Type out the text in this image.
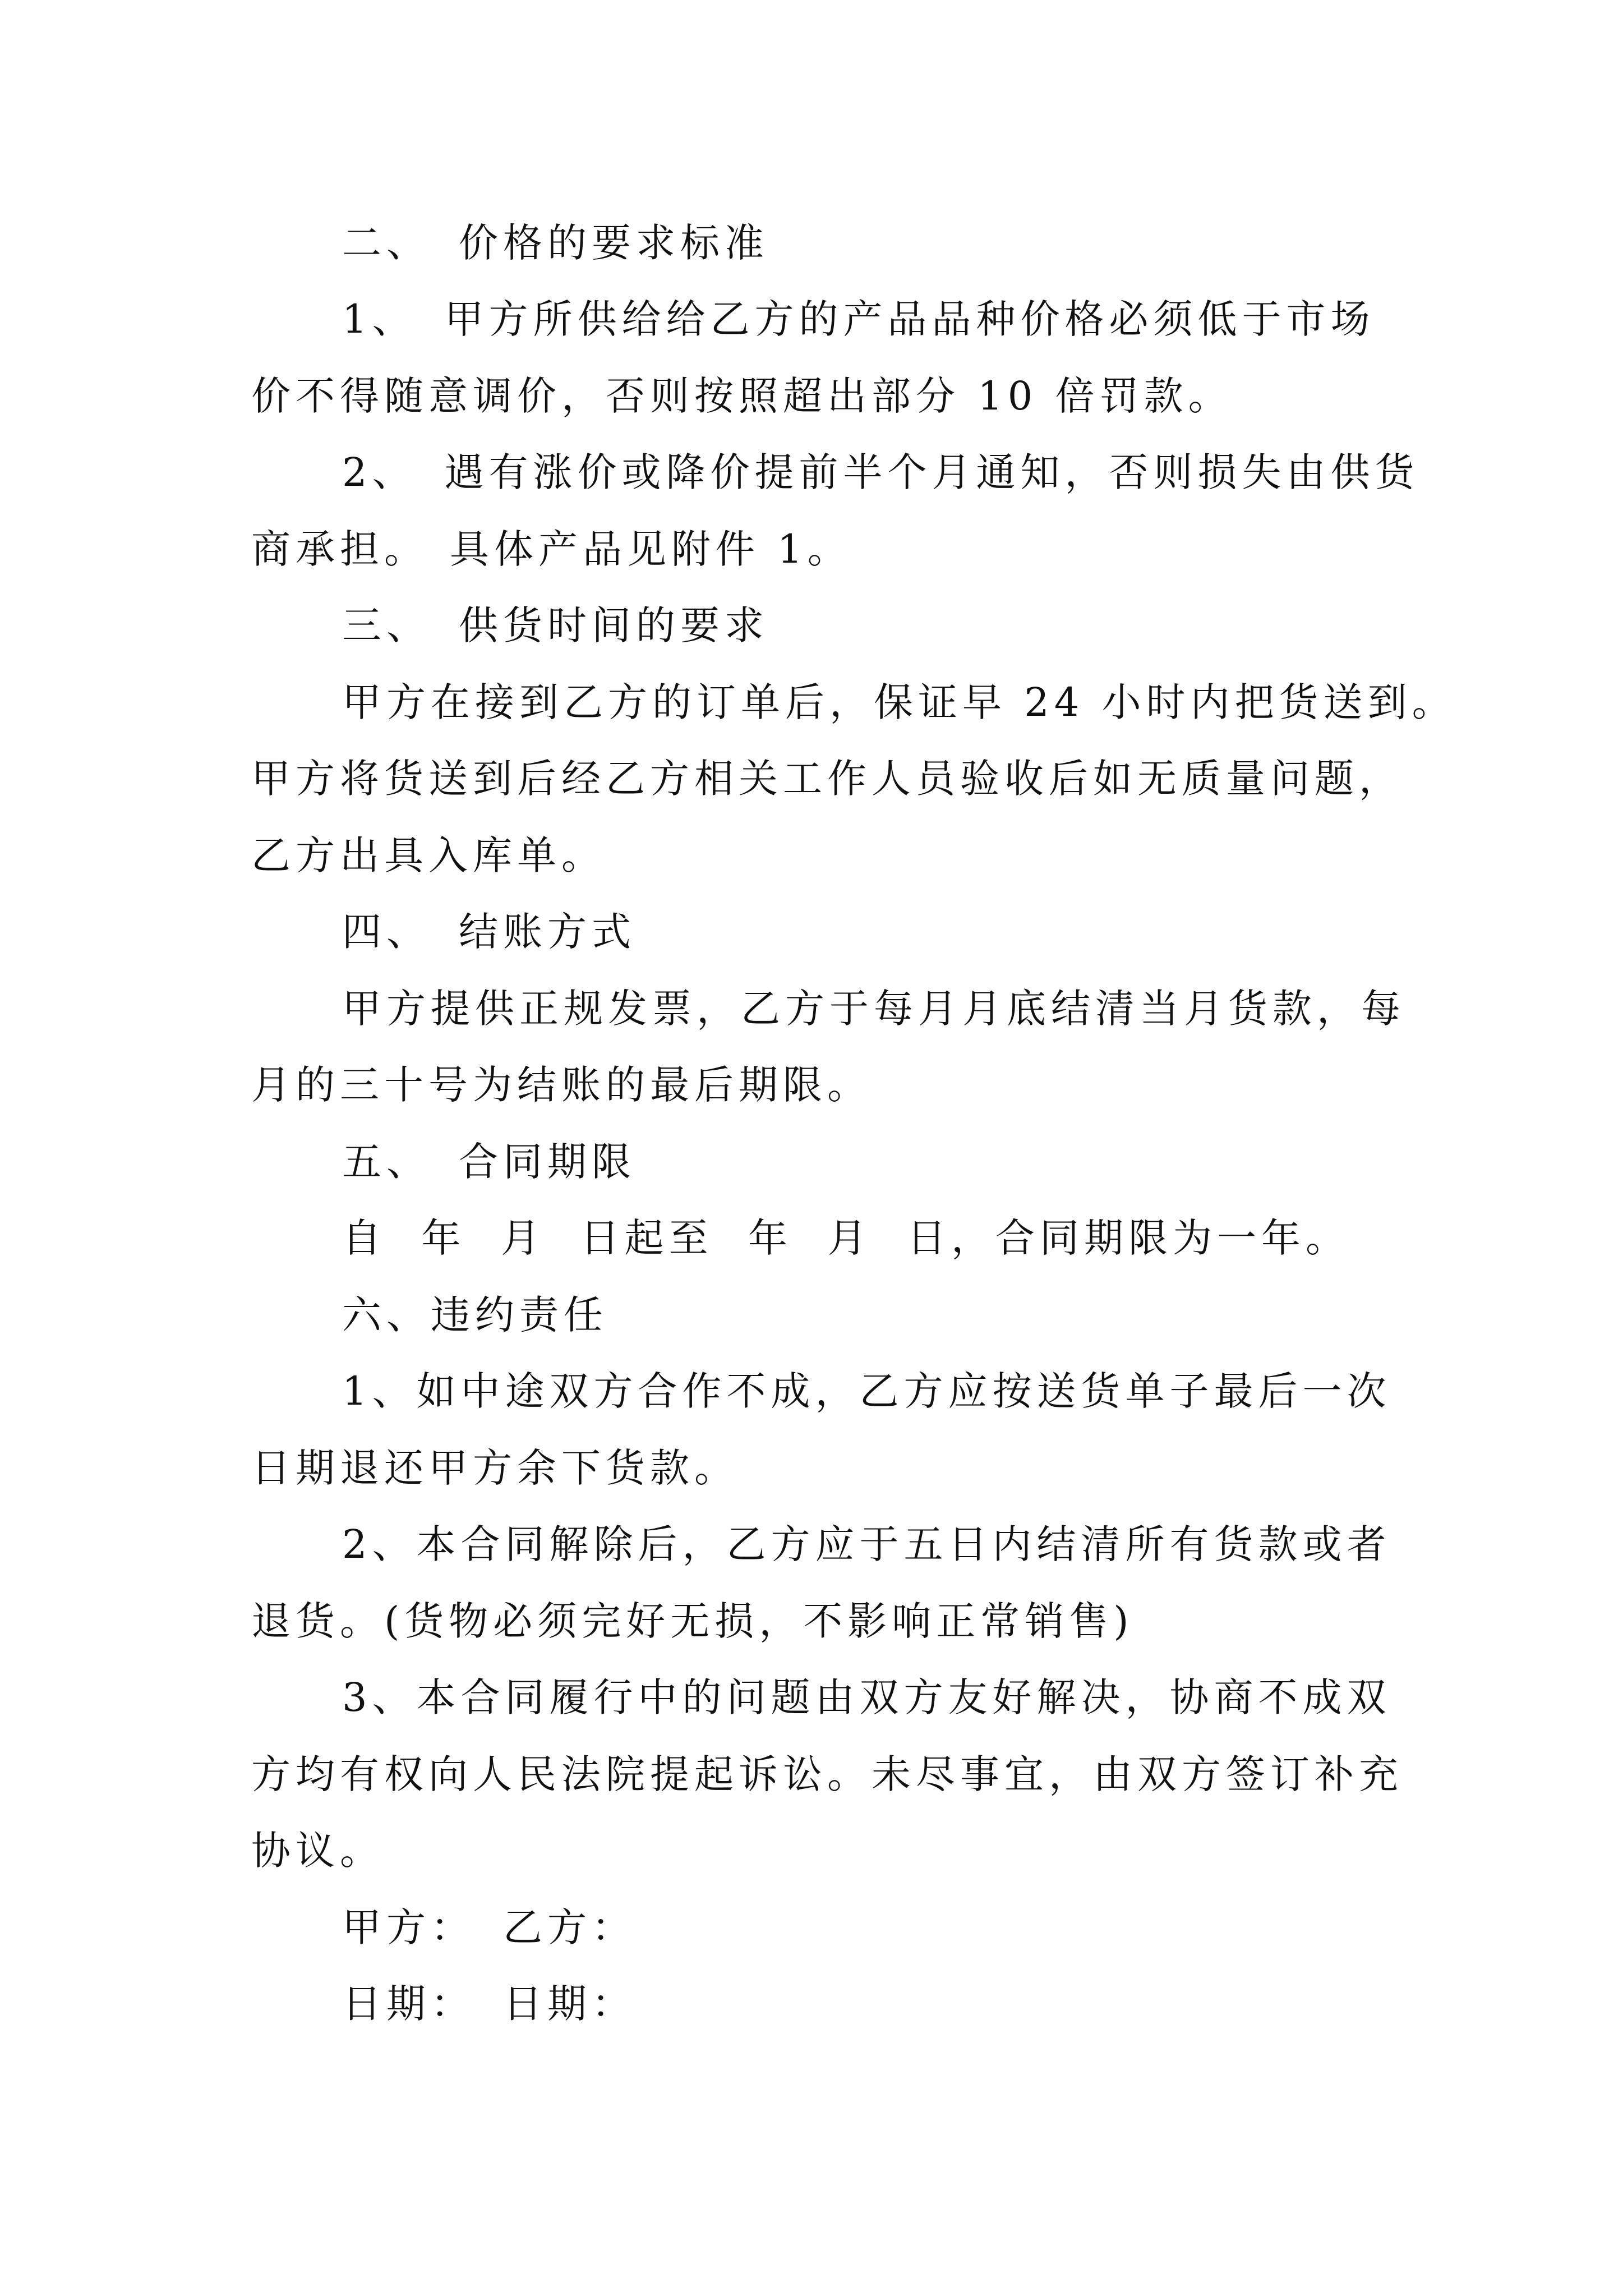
二、 价格的要求标准
1、 甲方所供给给乙方的产品品种价格必须低于市场
价不得随意调价，否则按照超出部分 10 倍罚款。
2、 遇有涨价或降价提前半个月通知，否则损失由供货
商承担。 具体产品见附件 1。
三、 供货时间的要求
甲方在接到乙方的订单后，保证早 24 小时内把货送到。
甲方将货送到后经乙方相关工作人员验收后如无质量问题，
乙方出具入库单。
四、 结账方式
甲方提供正规发票，乙方于每月月底结清当月货款，每
月的三十号为结账的最后期限。
五、 合同期限
自  年  月  日起至  年  月  日，合同期限为一年。
六、违约责任
1、如中途双方合作不成，乙方应按送货单子最后一次
日期退还甲方余下货款。
2、本合同解除后，乙方应于五日内结清所有货款或者
退货。(货物必须完好无损，不影响正常销售)
3、本合同履行中的问题由双方友好解决，协商不成双
方均有权向人民法院提起诉讼。未尽事宜，由双方签订补充
协议。
甲方： 乙方：
日期： 日期：
